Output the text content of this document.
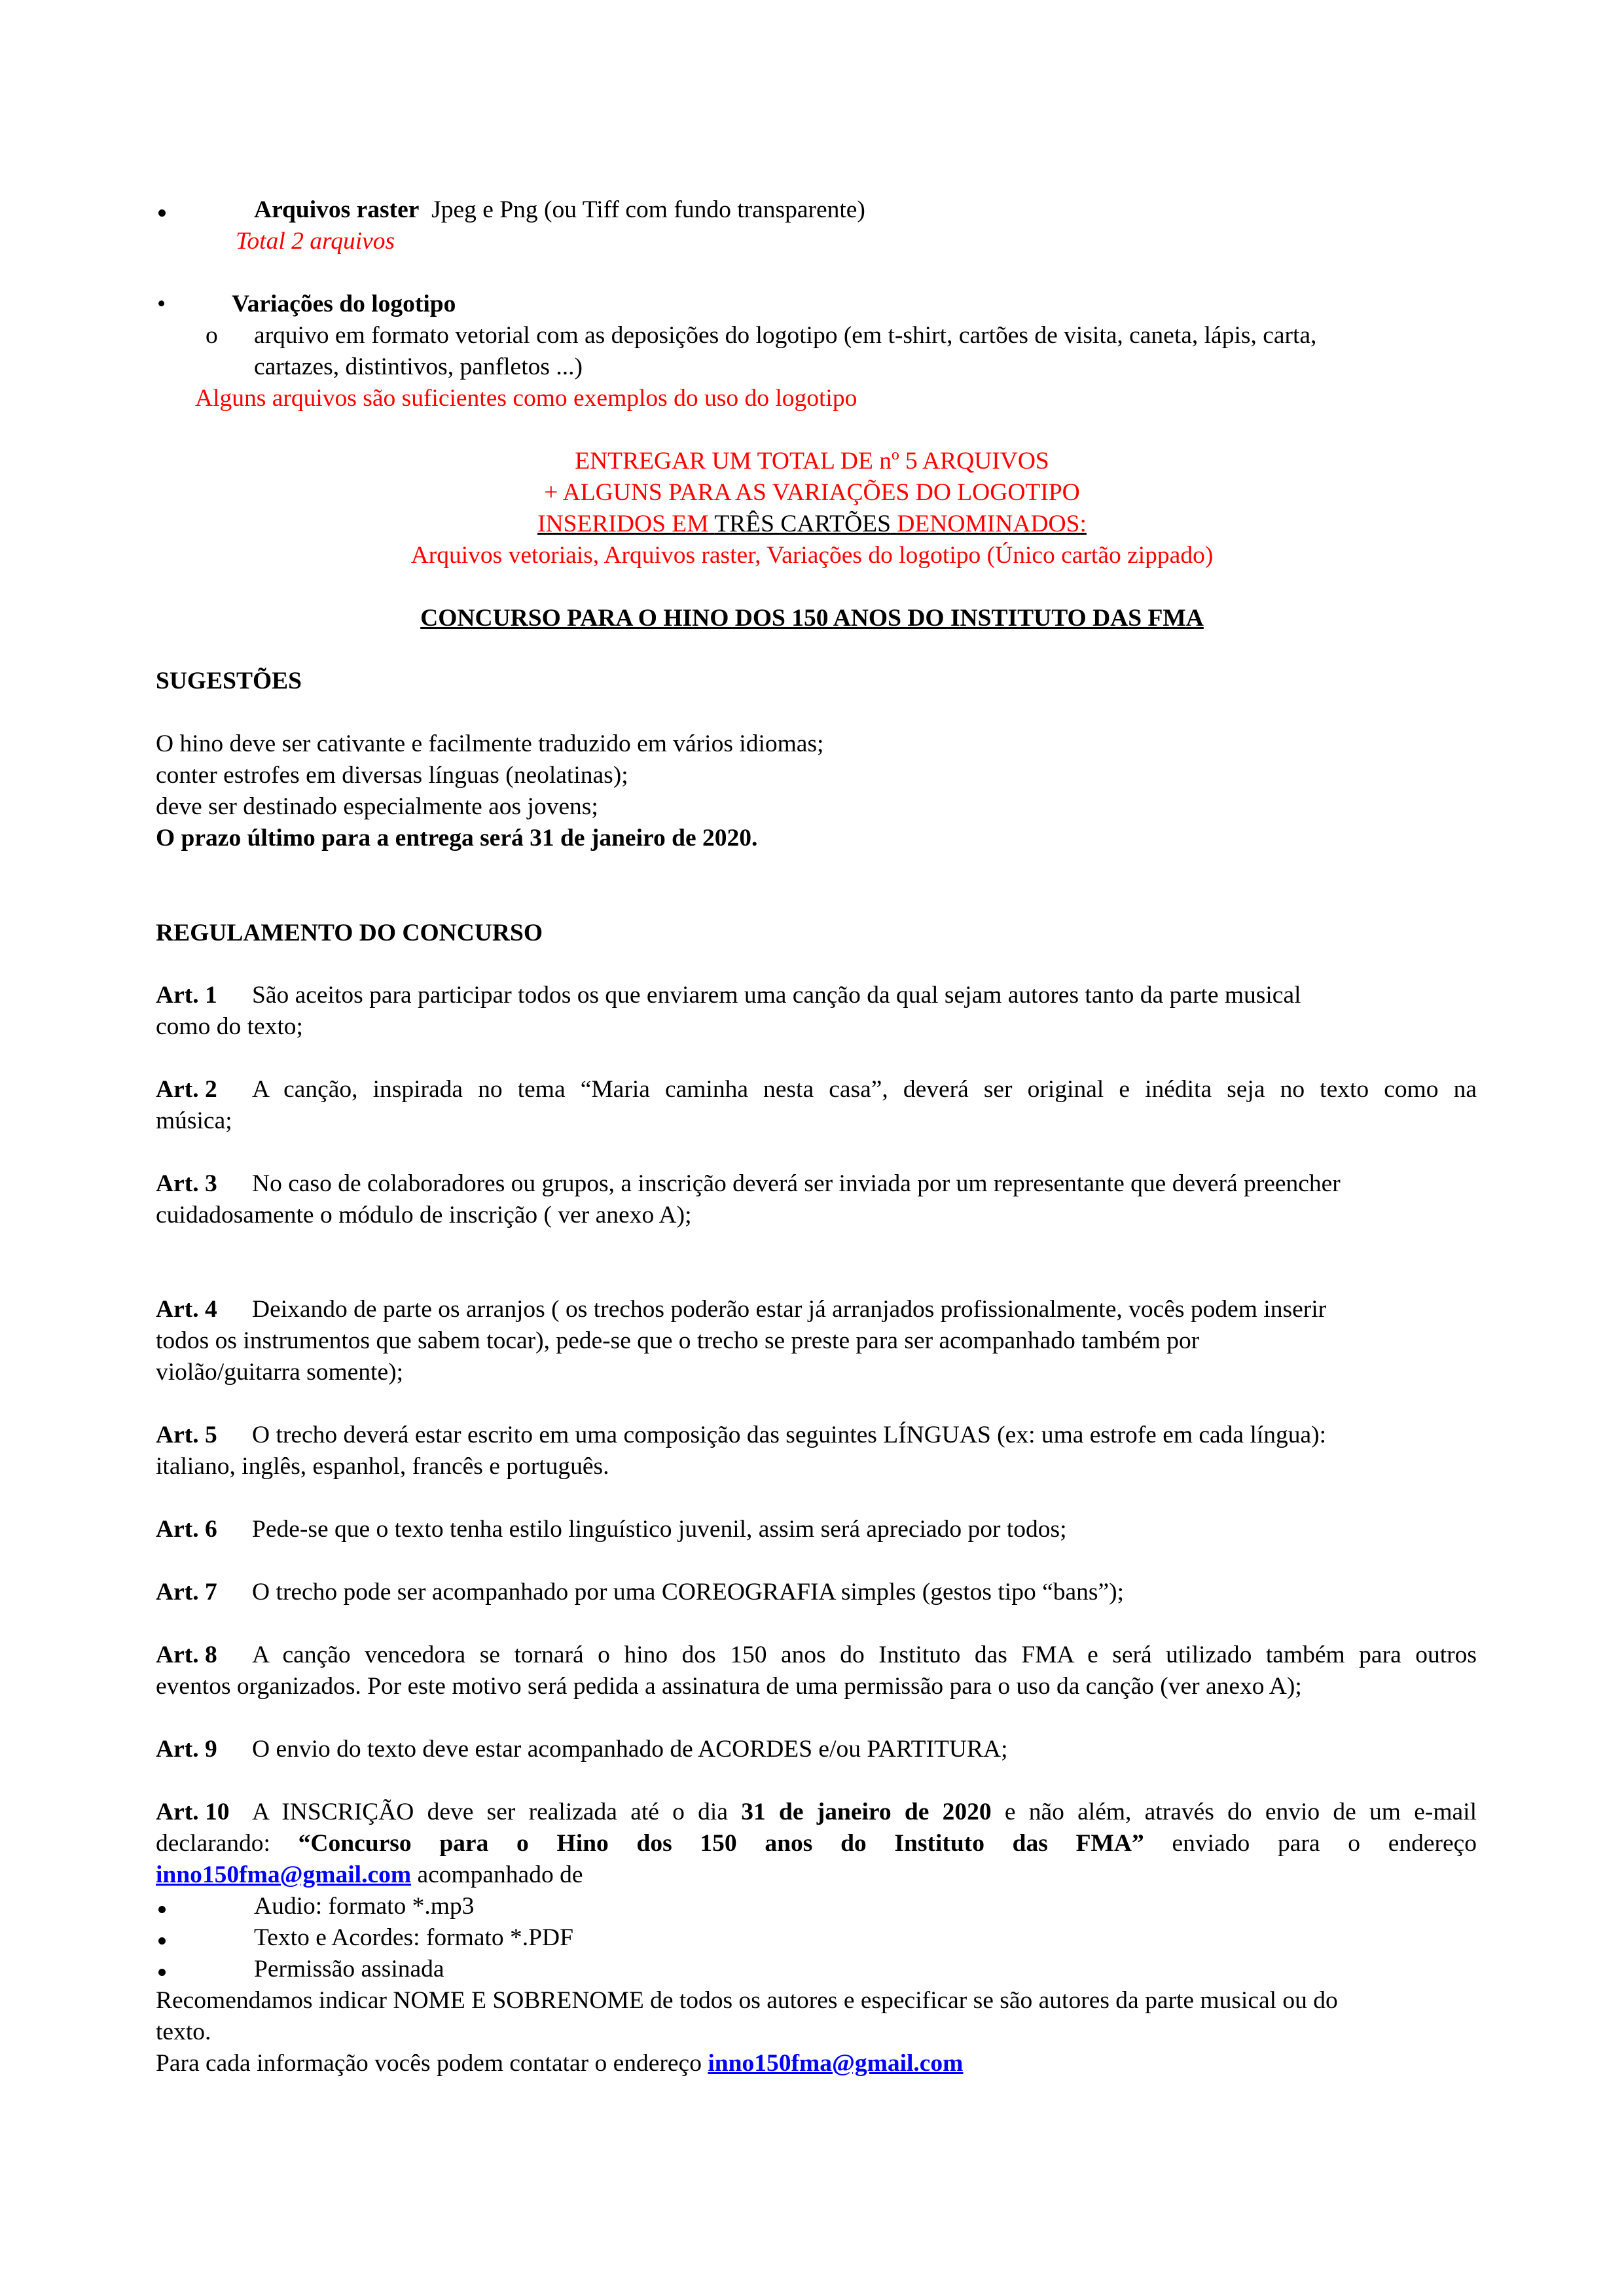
Arquivos raster Jpeg e Png (ou Tiff com fundo transparente)
Total 2 arquivos
•	Variações do logotipo
o arquivo em formato vetorial com as deposições do logotipo (em t-shirt, cartões de visita, caneta, lápis, carta,
cartazes, distintivos, panfletos ...)
Alguns arquivos são suficientes como exemplos do uso do logotipo
ENTREGAR UM TOTAL DE nº 5 ARQUIVOS
+ ALGUNS PARA AS VARIAÇÕES DO LOGOTIPO
INSERIDOS EM TRÊS CARTÕES DENOMINADOS:
Arquivos vetoriais, Arquivos raster, Variações do logotipo (Único cartão zippado)
CONCURSO PARA O HINO DOS 150 ANOS DO INSTITUTO DAS FMA
SUGESTÕES
O hino deve ser cativante e facilmente traduzido em vários idiomas;
conter estrofes em diversas línguas (neolatinas);
deve ser destinado especialmente aos jovens;
O prazo último para a entrega será 31 de janeiro de 2020.
REGULAMENTO DO CONCURSO
Art. 1 São aceitos para participar todos os que enviarem uma canção da qual sejam autores tanto da parte musical
como do texto;
Art. 2 A canção, inspirada no tema “Maria caminha nesta casa”, deverá ser original e inédita seja no texto como na
música;
Art. 3 No caso de colaboradores ou grupos, a inscrição deverá ser inviada por um representante que deverá preencher
cuidadosamente o módulo de inscrição ( ver anexo A);
Art. 4 Deixando de parte os arranjos ( os trechos poderão estar já arranjados profissionalmente, vocês podem inserir
todos os instrumentos que sabem tocar), pede-se que o trecho se preste para ser acompanhado também por
violão/guitarra somente);
Art. 5 O trecho deverá estar escrito em uma composição das seguintes LÍNGUAS (ex: uma estrofe em cada língua):
italiano, inglês, espanhol, francês e português.
Art. 6 Pede-se que o texto tenha estilo linguístico juvenil, assim será apreciado por todos;
Art. 7 O trecho pode ser acompanhado por uma COREOGRAFIA simples (gestos tipo “bans”);
Art. 8 A canção vencedora se tornará o hino dos 150 anos do Instituto das FMA e será utilizado também para outros
eventos organizados. Por este motivo será pedida a assinatura de uma permissão para o uso da canção (ver anexo A);
Art. 9 O envio do texto deve estar acompanhado de ACORDES e/ou PARTITURA;
Art. 10 A INSCRIÇÃO deve ser realizada até o dia 31 de janeiro de 2020 e não além, através do envio de um e-mail
declarando: “Concurso para o Hino dos 150 anos do Instituto das FMA” enviado para o endereço
inno150fma@gmail.com acompanhado de
Audio: formato *.mp3
Texto e Acordes: formato *.PDF
Permissão assinada
Recomendamos indicar NOME E SOBRENOME de todos os autores e especificar se são autores da parte musical ou do
texto.
Para cada informação vocês podem contatar o endereço inno150fma@gmail.com
